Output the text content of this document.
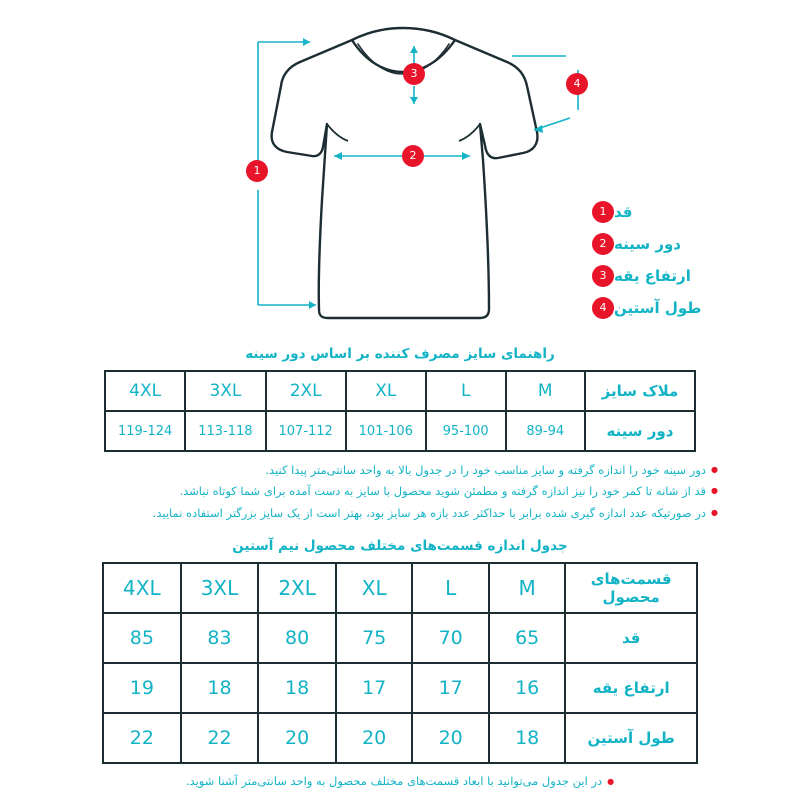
1
2
3
4
قد
1
دور سینه
2
ارتفاع یقه
3
طول آستین
4
راهنمای سایز مصرف کننده بر اساس دور سینه
ملاک سایز	M	L	XL	2XL	3XL	4XL
دور سینه	89-94	95-100	101-106	107-112	113-118	119-124
● دور سینه خود را اندازه گرفته و سایز مناسب خود را در جدول بالا به واحد سانتی‌متر پیدا کنید.
● قد از شانه تا کمر خود را نیز اندازه گرفته و مطمئن شوید محصول با سایز به دست آمده برای شما کوتاه نباشد.
● در صورتیکه عدد اندازه گیری شده برابر با حداکثر عدد بازه هر سایز بود، بهتر است از یک سایز بزرگتر استفاده نمایید.
جدول اندازه قسمت‌های مختلف محصول نیم آستین
قسمت‌های محصول	M	L	XL	2XL	3XL	4XL
قد	65	70	75	80	83	85
ارتفاع یقه	16	17	17	18	18	19
طول آستین	18	20	20	20	22	22
● در این جدول می‌توانید با ابعاد قسمت‌های مختلف محصول به واحد سانتی‌متر آشنا شوید.
